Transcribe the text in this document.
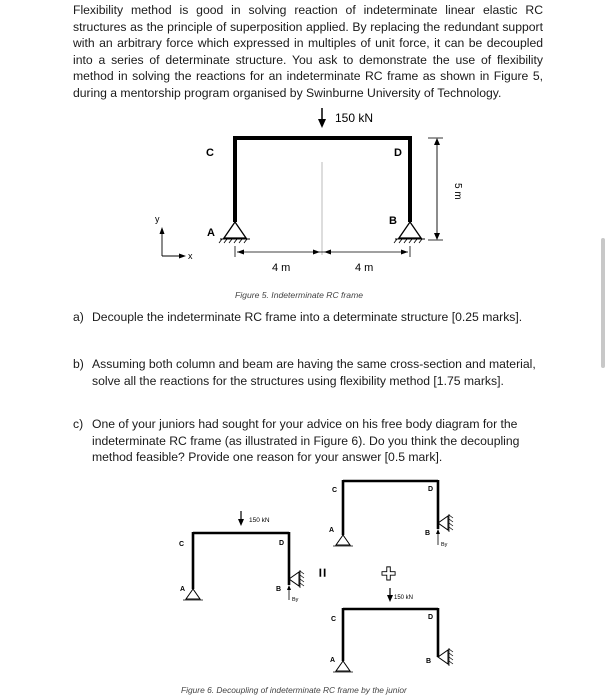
Flexibility method is good in solving reaction of indeterminate linear elastic RC structures as the principle of superposition applied. By replacing the redundant support with an arbitrary force which expressed in multiples of unit force, it can be decoupled into a series of determinate structure. You ask to demonstrate the use of flexibility method in solving the reactions for an indeterminate RC frame as shown in Figure 5, during a mentorship program organised by Swinburne University of Technology.

150 kN
C	D
A
B
5 m
4 m	4 m
y
x
Figure 5. Indeterminate RC frame
a) Decouple the indeterminate RC frame into a determinate structure [0.25 marks].
b) Assuming both column and beam are having the same cross-section and material, solve all the reactions for the structures using flexibility method [1.75 marks].
c) One of your juniors had sought for your advice on his free body diagram for the indeterminate RC frame (as illustrated in Figure 6). Do you think the decoupling method feasible? Provide one reason for your answer [0.5 mark].
150 kN
C	D
A	B
By
=
C	D
A	B
By
✚
150 kN
C	D
A	B
Figure 6. Decoupling of indeterminate RC frame by the junior
